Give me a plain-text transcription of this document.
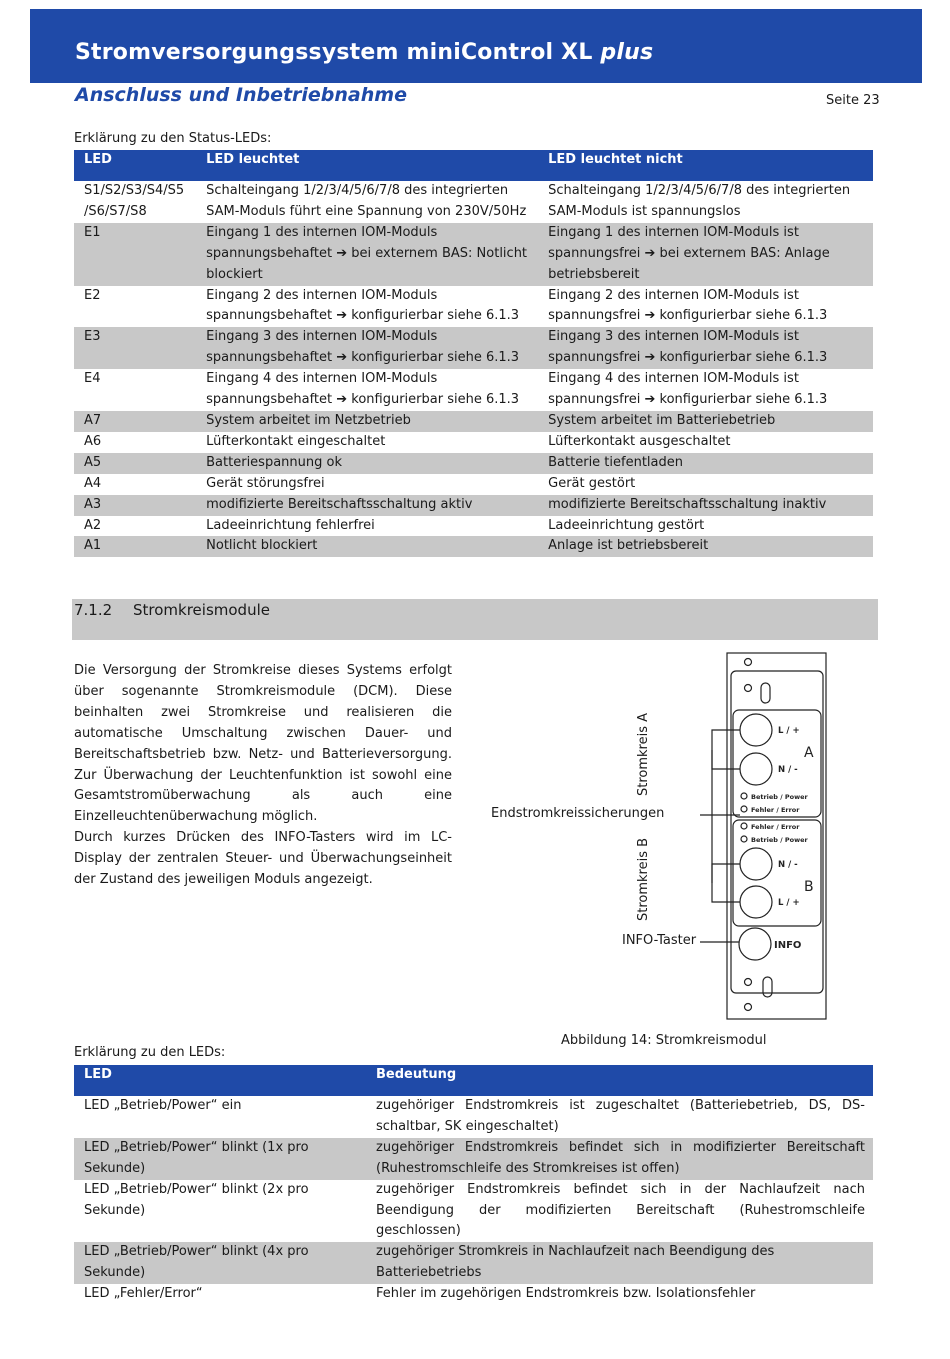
Stromversorgungssystem miniControl XL plus
Anschluss und Inbetriebnahme	Seite 23
Erklärung zu den Status-LEDs:
LED	LED leuchtet	LED leuchtet nicht
S1/S2/S3/S4/S5 /S6/S7/S8	Schalteingang 1/2/3/4/5/6/7/8 des integrierten SAM-Moduls führt eine Spannung von 230V/50Hz	Schalteingang 1/2/3/4/5/6/7/8 des integrierten SAM-Moduls ist spannungslos
E1	Eingang 1 des internen IOM-Moduls spannungsbehaftet ➔ bei externem BAS: Notlicht blockiert	Eingang 1 des internen IOM-Moduls ist spannungsfrei ➔ bei externem BAS: Anlage betriebsbereit
E2	Eingang 2 des internen IOM-Moduls spannungsbehaftet ➔ konfigurierbar siehe 6.1.3	Eingang 2 des internen IOM-Moduls ist spannungsfrei ➔ konfigurierbar siehe 6.1.3
E3	Eingang 3 des internen IOM-Moduls spannungsbehaftet ➔ konfigurierbar siehe 6.1.3	Eingang 3 des internen IOM-Moduls ist spannungsfrei ➔ konfigurierbar siehe 6.1.3
E4	Eingang 4 des internen IOM-Moduls spannungsbehaftet ➔ konfigurierbar siehe 6.1.3	Eingang 4 des internen IOM-Moduls ist spannungsfrei ➔ konfigurierbar siehe 6.1.3
A7	System arbeitet im Netzbetrieb	System arbeitet im Batteriebetrieb
A6	Lüfterkontakt eingeschaltet	Lüfterkontakt ausgeschaltet
A5	Batteriespannung ok	Batterie tiefentladen
A4	Gerät störungsfrei	Gerät gestört
A3	modifizierte Bereitschaftsschaltung aktiv	modifizierte Bereitschaftsschaltung inaktiv
A2	Ladeeinrichtung fehlerfrei	Ladeeinrichtung gestört
A1	Notlicht blockiert	Anlage ist betriebsbereit
7.1.2 Stromkreismodule
Die Versorgung der Stromkreise dieses Systems erfolgt über sogenannte Stromkreismodule (DCM). Diese beinhalten zwei Stromkreise und realisieren die automatische Umschaltung zwischen Dauer- und Bereitschaftsbetrieb bzw. Netz- und Batterieversorgung. Zur Überwachung der Leuchtenfunktion ist sowohl eine Gesamtstromüberwachung als auch eine Einzelleuchtenüberwachung möglich.
Durch kurzes Drücken des INFO-Tasters wird im LC-Display der zentralen Steuer- und Überwachungseinheit der Zustand des jeweiligen Moduls angezeigt.
Stromkreis A
Endstromkreissicherungen
Stromkreis B
INFO-Taster
L / +
N / -
A
Betrieb / Power
Fehler / Error
Fehler / Error
Betrieb / Power
N / -
B
L / +
INFO
Abbildung 14: Stromkreismodul
Erklärung zu den LEDs:
LED	Bedeutung
LED „Betrieb/Power“ ein	zugehöriger Endstromkreis ist zugeschaltet (Batteriebetrieb, DS, DS-schaltbar, SK eingeschaltet)
LED „Betrieb/Power“ blinkt (1x pro Sekunde)	zugehöriger Endstromkreis befindet sich in modifizierter Bereitschaft (Ruhestromschleife des Stromkreises ist offen)
LED „Betrieb/Power“ blinkt (2x pro Sekunde)	zugehöriger Endstromkreis befindet sich in der Nachlaufzeit nach Beendigung der modifizierten Bereitschaft (Ruhestromschleife geschlossen)
LED „Betrieb/Power“ blinkt (4x pro Sekunde)	zugehöriger Stromkreis in Nachlaufzeit nach Beendigung des Batteriebetriebs
LED „Fehler/Error“	Fehler im zugehörigen Endstromkreis bzw. Isolationsfehler
